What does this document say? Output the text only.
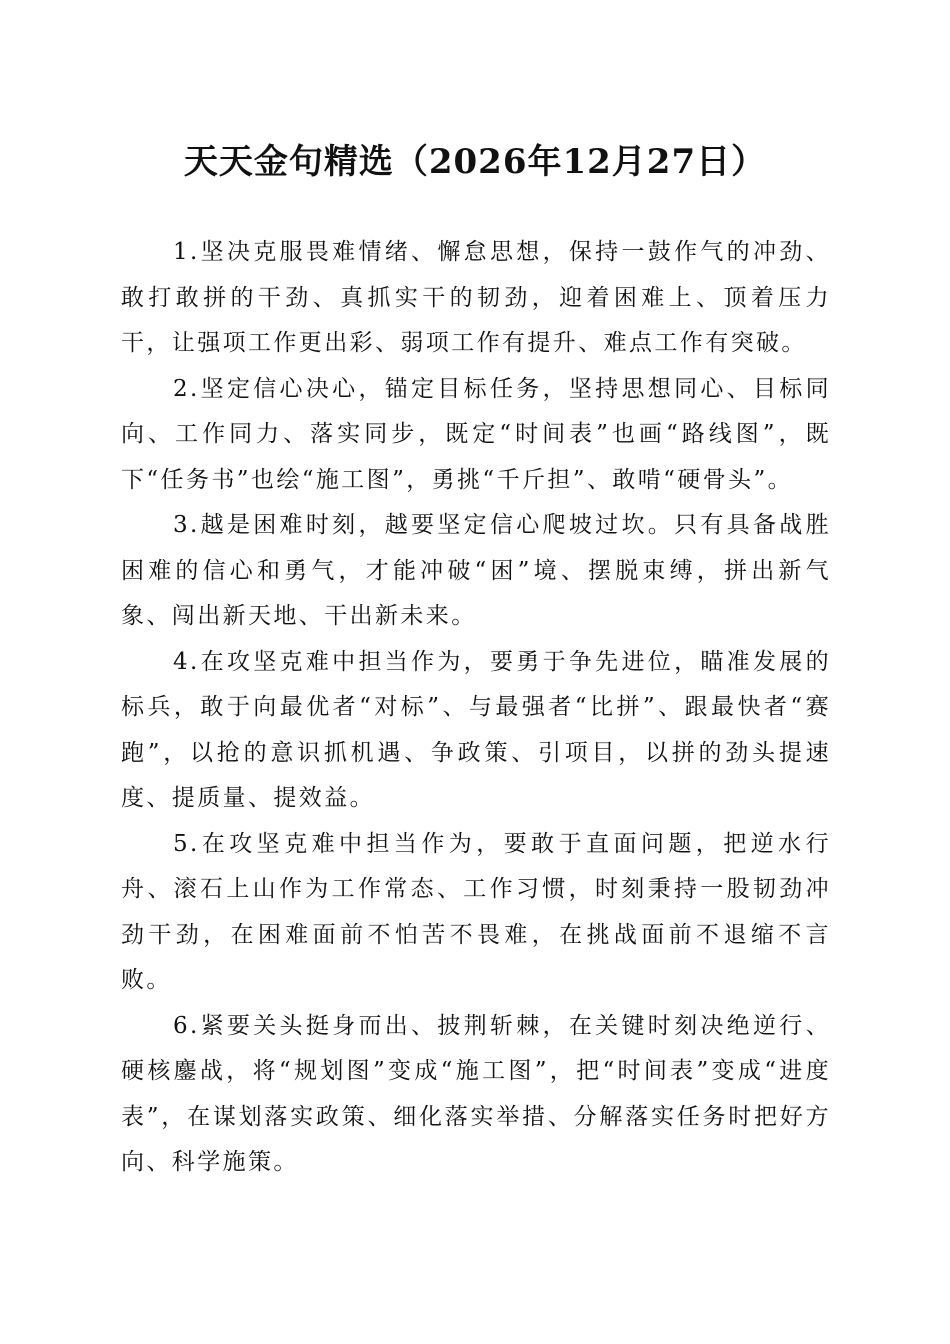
天天金句精选（2026年12月27日）

1.坚决克服畏难情绪、懈怠思想，保持一鼓作气的冲劲、敢打敢拼的干劲、真抓实干的韧劲，迎着困难上、顶着压力干，让强项工作更出彩、弱项工作有提升、难点工作有突破。

2.坚定信心决心，锚定目标任务，坚持思想同心、目标同向、工作同力、落实同步，既定“时间表”也画“路线图”，既下“任务书”也绘“施工图”，勇挑“千斤担”、敢啃“硬骨头”。

3.越是困难时刻，越要坚定信心爬坡过坎。只有具备战胜困难的信心和勇气，才能冲破“困”境、摆脱束缚，拼出新气象、闯出新天地、干出新未来。

4.在攻坚克难中担当作为，要勇于争先进位，瞄准发展的标兵，敢于向最优者“对标”、与最强者“比拼”、跟最快者“赛跑”，以抢的意识抓机遇、争政策、引项目，以拼的劲头提速度、提质量、提效益。

5.在攻坚克难中担当作为，要敢于直面问题，把逆水行舟、滚石上山作为工作常态、工作习惯，时刻秉持一股韧劲冲劲干劲，在困难面前不怕苦不畏难，在挑战面前不退缩不言败。

6.紧要关头挺身而出、披荆斩棘，在关键时刻决绝逆行、硬核鏖战，将“规划图”变成“施工图”，把“时间表”变成“进度表”，在谋划落实政策、细化落实举措、分解落实任务时把好方向、科学施策。
